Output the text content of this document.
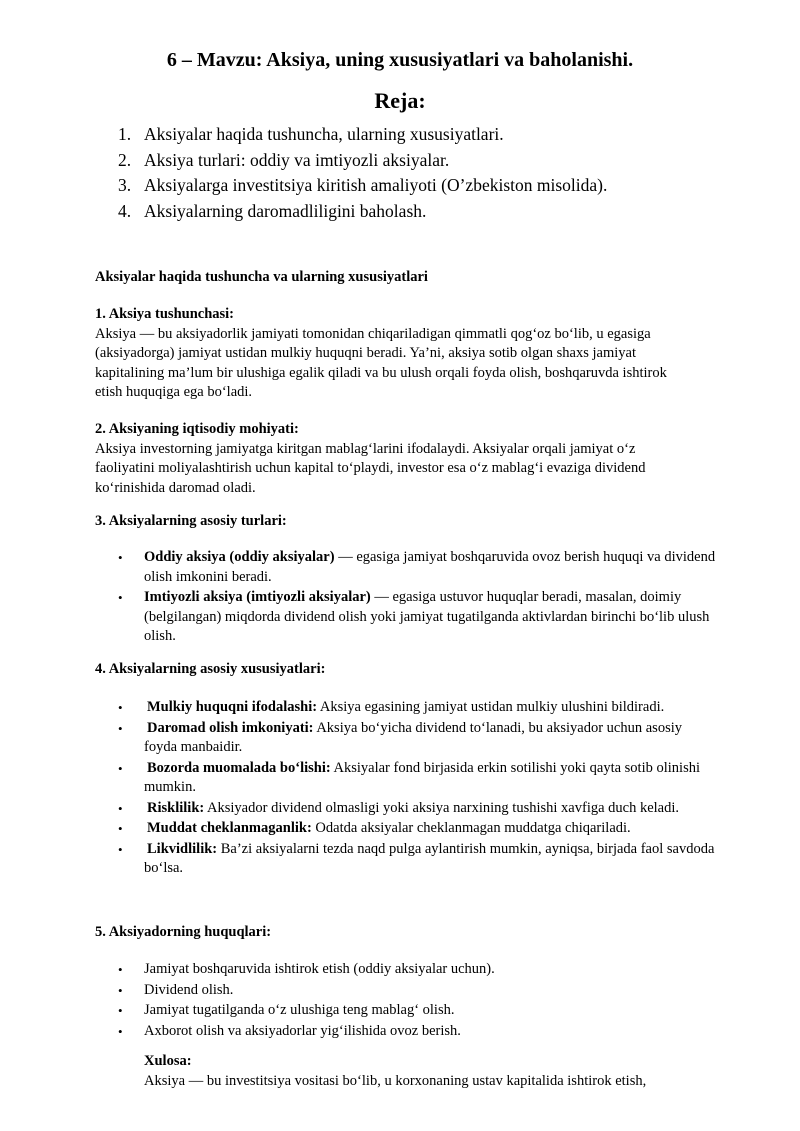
6 – Mavzu: Aksiya, uning xususiyatlari va baholanishi.
Reja:
1. Aksiyalar haqida tushuncha, ularning xususiyatlari.
2. Aksiya turlari: oddiy va imtiyozli aksiyalar.
3. Aksiyalarga investitsiya kiritish amaliyoti (O’zbekiston misolida).
4. Aksiyalarning daromadliligini baholash.

Aksiyalar haqida tushuncha va ularning xususiyatlari

1. Aksiya tushunchasi:

Aksiya — bu aksiyadorlik jamiyati tomonidan chiqariladigan qimmatli qog‘oz bo‘lib, u egasiga

(aksiyadorga) jamiyat ustidan mulkiy huquqni beradi. Ya’ni, aksiya sotib olgan shaxs jamiyat

kapitalining ma’lum bir ulushiga egalik qiladi va bu ulush orqali foyda olish, boshqaruvda ishtirok

etish huquqiga ega bo‘ladi.

2. Aksiyaning iqtisodiy mohiyati:

Aksiya investorning jamiyatga kiritgan mablag‘larini ifodalaydi. Aksiyalar orqali jamiyat o‘z

faoliyatini moliyalashtirish uchun kapital to‘playdi, investor esa o‘z mablag‘i evaziga dividend

ko‘rinishida daromad oladi.

3. Aksiyalarning asosiy turlari:

• Oddiy aksiya (oddiy aksiyalar) — egasiga jamiyat boshqaruvida ovoz berish huquqi va dividend olish imkonini beradi.
• Imtiyozli aksiya (imtiyozli aksiyalar) — egasiga ustuvor huquqlar beradi, masalan, doimiy (belgilangan) miqdorda dividend olish yoki jamiyat tugatilganda aktivlardan birinchi bo‘lib ulush olish.

4. Aksiyalarning asosiy xususiyatlari:

• Mulkiy huquqni ifodalashi: Aksiya egasining jamiyat ustidan mulkiy ulushini bildiradi.
• Daromad olish imkoniyati: Aksiya bo‘yicha dividend to‘lanadi, bu aksiyador uchun asosiy foyda manbaidir.
• Bozorda muomalada bo‘lishi: Aksiyalar fond birjasida erkin sotilishi yoki qayta sotib olinishi mumkin.
• Risklilik: Aksiyador dividend olmasligi yoki aksiya narxining tushishi xavfiga duch keladi.
• Muddat cheklanmaganlik: Odatda aksiyalar cheklanmagan muddatga chiqariladi.
• Likvidlilik: Ba’zi aksiyalarni tezda naqd pulga aylantirish mumkin, ayniqsa, birjada faol savdoda bo‘lsa.

5. Aksiyadorning huquqlari:

• Jamiyat boshqaruvida ishtirok etish (oddiy aksiyalar uchun).
• Dividend olish.
• Jamiyat tugatilganda o‘z ulushiga teng mablag‘ olish.
• Axborot olish va aksiyadorlar yig‘ilishida ovoz berish.

Xulosa:

Aksiya — bu investitsiya vositasi bo‘lib, u korxonaning ustav kapitalida ishtirok etish,
